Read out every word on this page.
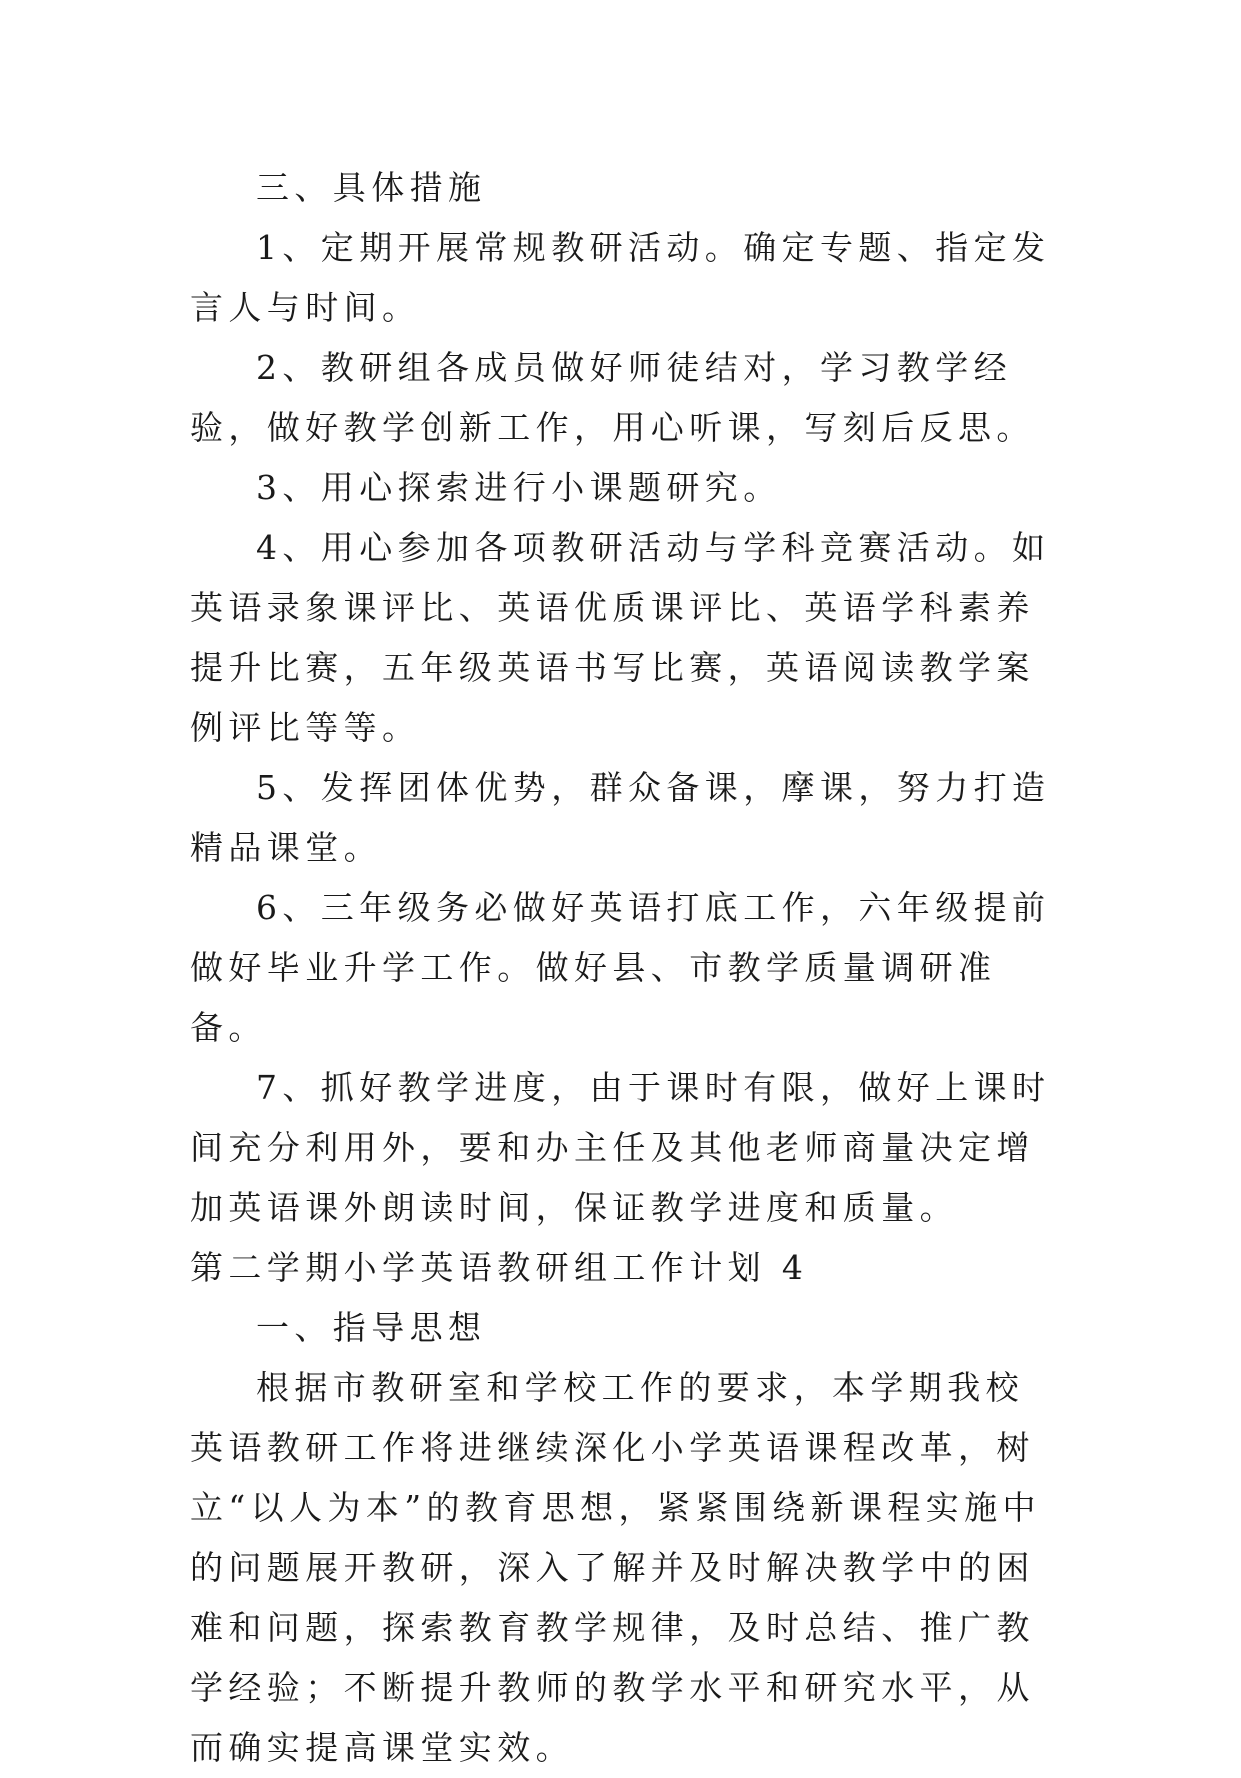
三、具体措施

1、定期开展常规教研活动。确定专题、指定发言人与时间。

2、教研组各成员做好师徒结对，学习教学经验，做好教学创新工作，用心听课，写刻后反思。

3、用心探索进行小课题研究。

4、用心参加各项教研活动与学科竞赛活动。如英语录象课评比、英语优质课评比、英语学科素养提升比赛，五年级英语书写比赛，英语阅读教学案例评比等等。

5、发挥团体优势，群众备课，摩课，努力打造精品课堂。

6、三年级务必做好英语打底工作，六年级提前做好毕业升学工作。做好县、市教学质量调研准备。

7、抓好教学进度，由于课时有限，做好上课时间充分利用外，要和办主任及其他老师商量决定增加英语课外朗读时间，保证教学进度和质量。

第二学期小学英语教研组工作计划 4

一、指导思想

根据市教研室和学校工作的要求，本学期我校英语教研工作将进继续深化小学英语课程改革，树立“以人为本”的教育思想，紧紧围绕新课程实施中的问题展开教研，深入了解并及时解决教学中的困难和问题，探索教育教学规律，及时总结、推广教学经验；不断提升教师的教学水平和研究水平，从而确实提高课堂实效。
